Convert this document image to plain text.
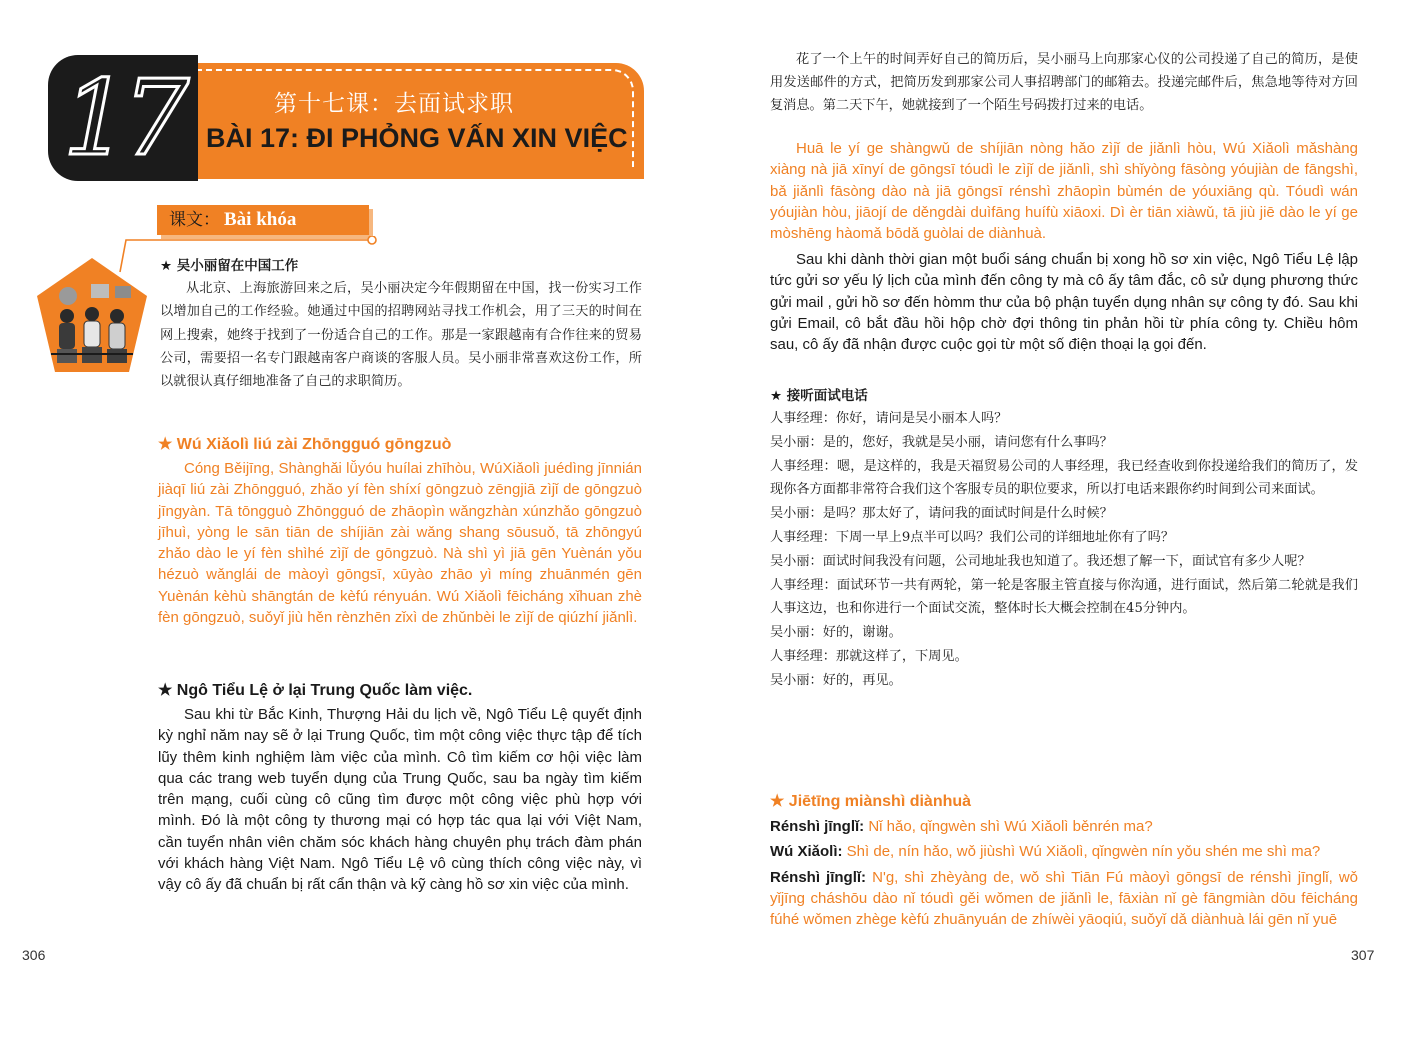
17	第十七课：去面试求职
BÀI 17: ĐI PHỎNG VẤN XIN VIỆC
课文： Bài khóa

★ 吴小丽留在中国工作

从北京、上海旅游回来之后，吴小丽决定今年假期留在中国，找一份实习工作以增加自己的工作经验。她通过中国的招聘网站寻找工作机会，用了三天的时间在网上搜索，她终于找到了一份适合自己的工作。那是一家跟越南有合作往来的贸易公司，需要招一名专门跟越南客户商谈的客服人员。吴小丽非常喜欢这份工作，所以就很认真仔细地准备了自己的求职简历。

★ Wú Xiǎolì liú zài Zhōngguó gōngzuò

Cóng Běijīng, Shànghǎi lǚyóu huílai zhīhòu, WúXiǎolì juédìng jīnnián jiàqī liú zài Zhōngguó, zhǎo yí fèn shíxí gōngzuò zēngjiā zìjǐ de gōngzuò jīngyàn. Tā tōngguò Zhōngguó de zhāopìn wǎngzhàn xúnzhǎo gōngzuò jīhuì, yòng le sān tiān de shíjiān zài wǎng shang sōusuǒ, tā zhōngyú zhǎo dào le yí fèn shìhé zìjǐ de gōngzuò. Nà shì yì jiā gēn Yuènán yǒu hézuò wǎnglái de màoyì gōngsī, xūyào zhāo yì míng zhuānmén gēn Yuènán kèhù shāngtán de kèfú rényuán. Wú Xiǎolì fēicháng xǐhuan zhè fèn gōngzuò, suǒyǐ jiù hěn rènzhēn zǐxì de zhǔnbèi le zìjǐ de qiúzhí jiǎnlì.

★ Ngô Tiểu Lệ ở lại Trung Quốc làm việc.

Sau khi từ Bắc Kinh, Thượng Hải du lịch về, Ngô Tiểu Lệ quyết định kỳ nghỉ năm nay sẽ ở lại Trung Quốc, tìm một công việc thực tập để tích lũy thêm kinh nghiệm làm việc của mình. Cô tìm kiếm cơ hội việc làm qua các trang web tuyển dụng của Trung Quốc, sau ba ngày tìm kiếm trên mạng, cuối cùng cô cũng tìm được một công việc phù hợp với mình. Đó là một công ty thương mại có hợp tác qua lại với Việt Nam, cần tuyển nhân viên chăm sóc khách hàng chuyên phụ trách đàm phán với khách hàng Việt Nam. Ngô Tiểu Lệ vô cùng thích công việc này, vì vậy cô ấy đã chuẩn bị rất cẩn thận và kỹ càng hồ sơ xin việc của mình.

306

花了一个上午的时间弄好自己的简历后，吴小丽马上向那家心仪的公司投递了自己的简历，是使用发送邮件的方式，把简历发到那家公司人事招聘部门的邮箱去。投递完邮件后，焦急地等待对方回复消息。第二天下午，她就接到了一个陌生号码拨打过来的电话。

Huā le yí ge shàngwǔ de shíjiān nòng hǎo zìjǐ de jiǎnlì hòu, Wú Xiǎolì mǎshàng xiàng nà jiā xīnyí de gōngsī tóudì le zìjǐ de jiǎnlì, shì shǐyòng fāsòng yóujiàn de fāngshì, bǎ jiǎnlì fāsòng dào nà jiā gōngsī rénshì zhāopìn bùmén de yóuxiāng qù. Tóudì wán yóujiàn hòu, jiāojí de děngdài duìfāng huífù xiāoxi. Dì èr tiān xiàwǔ, tā jiù jiē dào le yí ge mòshēng hàomǎ bōdǎ guòlai de diànhuà.

Sau khi dành thời gian một buổi sáng chuẩn bị xong hồ sơ xin việc, Ngô Tiểu Lệ lập tức gửi sơ yếu lý lịch của mình đến công ty mà cô ấy tâm đắc, cô sử dụng phương thức gửi mail , gửi hồ sơ đến hòmm thư của bộ phận tuyển dụng nhân sự công ty đó. Sau khi gửi Email, cô bắt đầu hồi hộp chờ đợi thông tin phản hồi từ phía công ty. Chiều hôm sau, cô ấy đã nhận được cuộc gọi từ một số điện thoại lạ gọi đến.

★ 接听面试电话

人事经理：你好，请问是吴小丽本人吗？

吴小丽：是的，您好，我就是吴小丽，请问您有什么事吗？

人事经理：嗯，是这样的，我是天福贸易公司的人事经理，我已经查收到你投递给我们的简历了，发现你各方面都非常符合我们这个客服专员的职位要求，所以打电话来跟你约时间到公司来面试。

吴小丽：是吗？那太好了，请问我的面试时间是什么时候？

人事经理：下周一早上9点半可以吗？我们公司的详细地址你有了吗？

吴小丽：面试时间我没有问题，公司地址我也知道了。我还想了解一下，面试官有多少人呢？

人事经理：面试环节一共有两轮，第一轮是客服主管直接与你沟通，进行面试，然后第二轮就是我们人事这边，也和你进行一个面试交流，整体时长大概会控制在45分钟内。

吴小丽：好的，谢谢。

人事经理：那就这样了，下周见。

吴小丽：好的，再见。

★ Jiētīng miànshì diànhuà

Rénshì jīnglǐ: Nǐ hǎo, qǐngwèn shì Wú Xiǎolì běnrén ma?

Wú Xiǎolì: Shì de, nín hǎo, wǒ jiùshì Wú Xiǎolì, qǐngwèn nín yǒu shén me shì ma?

Rénshì jīnglǐ: N'g, shì zhèyàng de, wǒ shì Tiān Fú màoyì gōngsī de rénshì jīnglǐ, wǒ yǐjīng cháshōu dào nǐ tóudì gěi wǒmen de jiǎnlì le, fāxiàn nǐ gè fāngmiàn dōu fēicháng fúhé wǒmen zhège kèfú zhuānyuán de zhíwèi yāoqiú, suǒyǐ dǎ diànhuà lái gēn nǐ yuē

307
